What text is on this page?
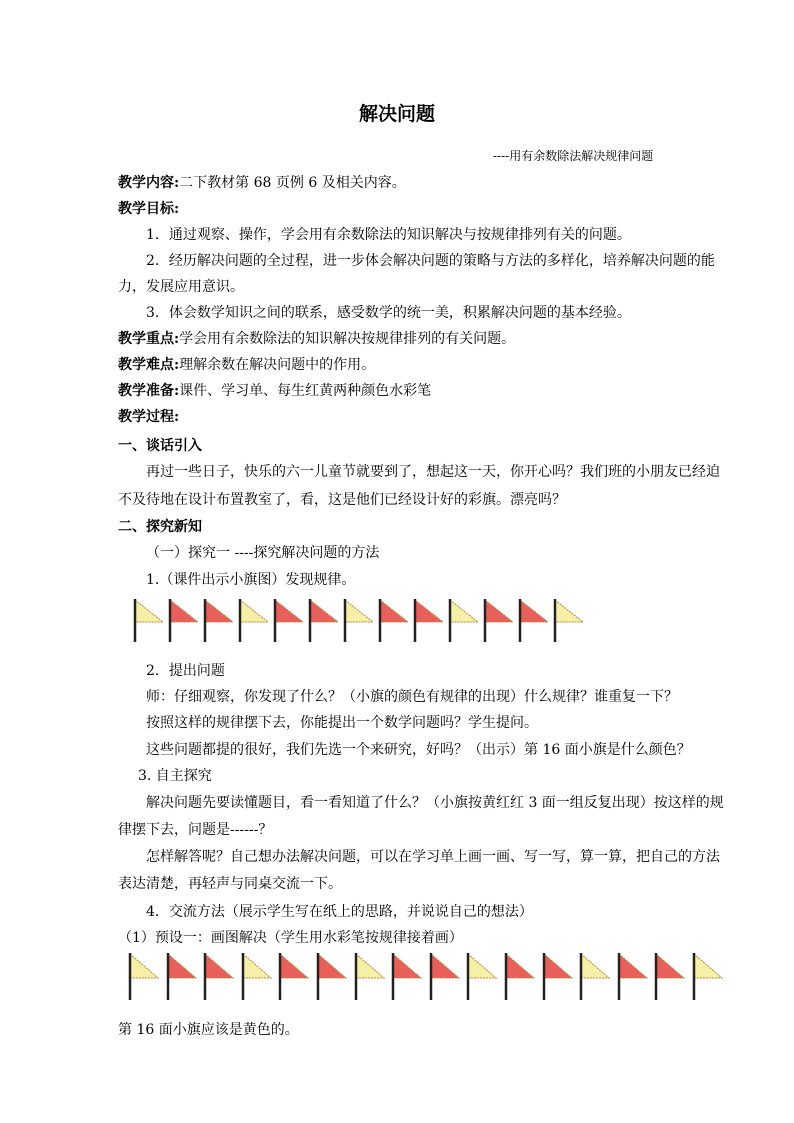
解决问题
----用有余数除法解决规律问题
教学内容:二下教材第 68 页例 6 及相关内容。
教学目标:
1．通过观察、操作，学会用有余数除法的知识解决与按规律排列有关的问题。
2．经历解决问题的全过程，进一步体会解决问题的策略与方法的多样化，培养解决问题的能
力，发展应用意识。
3．体会数学知识之间的联系，感受数学的统一美，积累解决问题的基本经验。
教学重点:学会用有余数除法的知识解决按规律排列的有关问题。
教学难点:理解余数在解决问题中的作用。
教学准备:课件、学习单、每生红黄两种颜色水彩笔
教学过程:
一、谈话引入
再过一些日子，快乐的六一儿童节就要到了，想起这一天，你开心吗？我们班的小朋友已经迫
不及待地在设计布置教室了，看，这是他们已经设计好的彩旗。漂亮吗？
二、探究新知
（一）探究一 ----探究解决问题的方法
1.（课件出示小旗图）发现规律。
2．提出问题
师：仔细观察，你发现了什么？（小旗的颜色有规律的出现）什么规律？谁重复一下？
按照这样的规律摆下去，你能提出一个数学问题吗？学生提问。
这些问题都提的很好，我们先选一个来研究，好吗？（出示）第 16 面小旗是什么颜色？
3. 自主探究
解决问题先要读懂题目，看一看知道了什么？（小旗按黄红红 3 面一组反复出现）按这样的规
律摆下去，问题是------？
怎样解答呢？自己想办法解决问题，可以在学习单上画一画、写一写，算一算，把自己的方法
表达清楚，再轻声与同桌交流一下。
4．交流方法（展示学生写在纸上的思路，并说说自己的想法）
（1）预设一：画图解决（学生用水彩笔按规律接着画）
第 16 面小旗应该是黄色的。
